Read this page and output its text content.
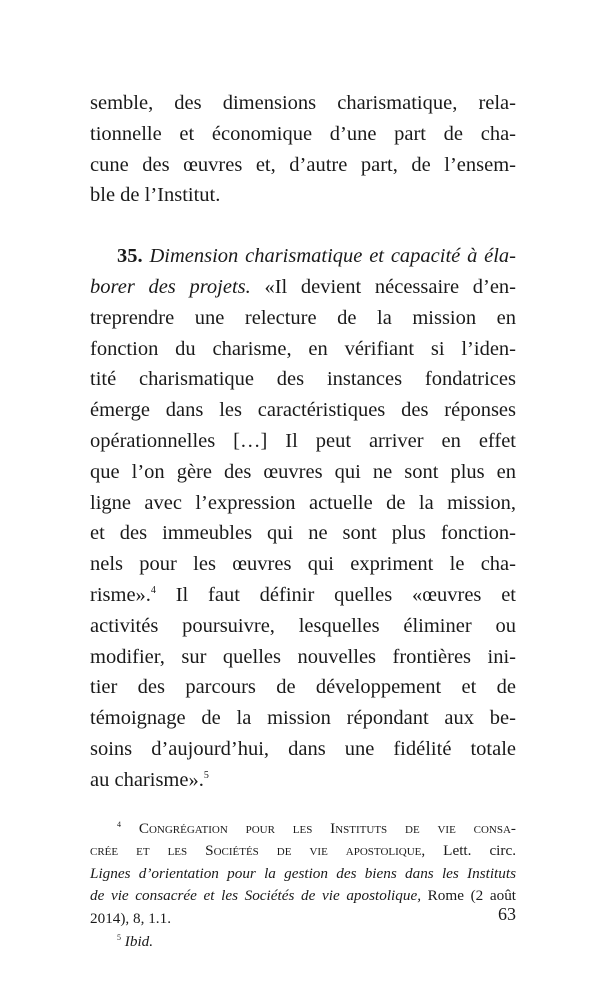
semble, des dimensions charismatique, rela-
tionnelle et économique d’une part de cha-
cune des œuvres et, d’autre part, de l’ensem-
ble de l’Institut.
35. Dimension charismatique et capacité à éla-
borer des projets. «Il devient nécessaire d’en-
treprendre une relecture de la mission en
fonction du charisme, en vérifiant si l’iden-
tité charismatique des instances fondatrices
émerge dans les caractéristiques des réponses
opérationnelles […] Il peut arriver en effet
que l’on gère des œuvres qui ne sont plus en
ligne avec l’expression actuelle de la mission,
et des immeubles qui ne sont plus fonction-
nels pour les œuvres qui expriment le cha-
risme».$^4$ Il faut définir quelles «œuvres et
activités poursuivre, lesquelles éliminer ou
modifier, sur quelles nouvelles frontières ini-
tier des parcours de développement et de
témoignage de la mission répondant aux be-
soins d’aujourd’hui, dans une fidélité totale
au charisme».$^5$
$^4$ Congrégation pour les Instituts de vie consa-
crée et les Sociétés de vie apostolique, Lett. circ.
Lignes d’orientation pour la gestion des biens dans les Instituts
de vie consacrée et les Sociétés de vie apostolique, Rome (2 août
2014), 8, 1.1.
$^5$ Ibid.
63
